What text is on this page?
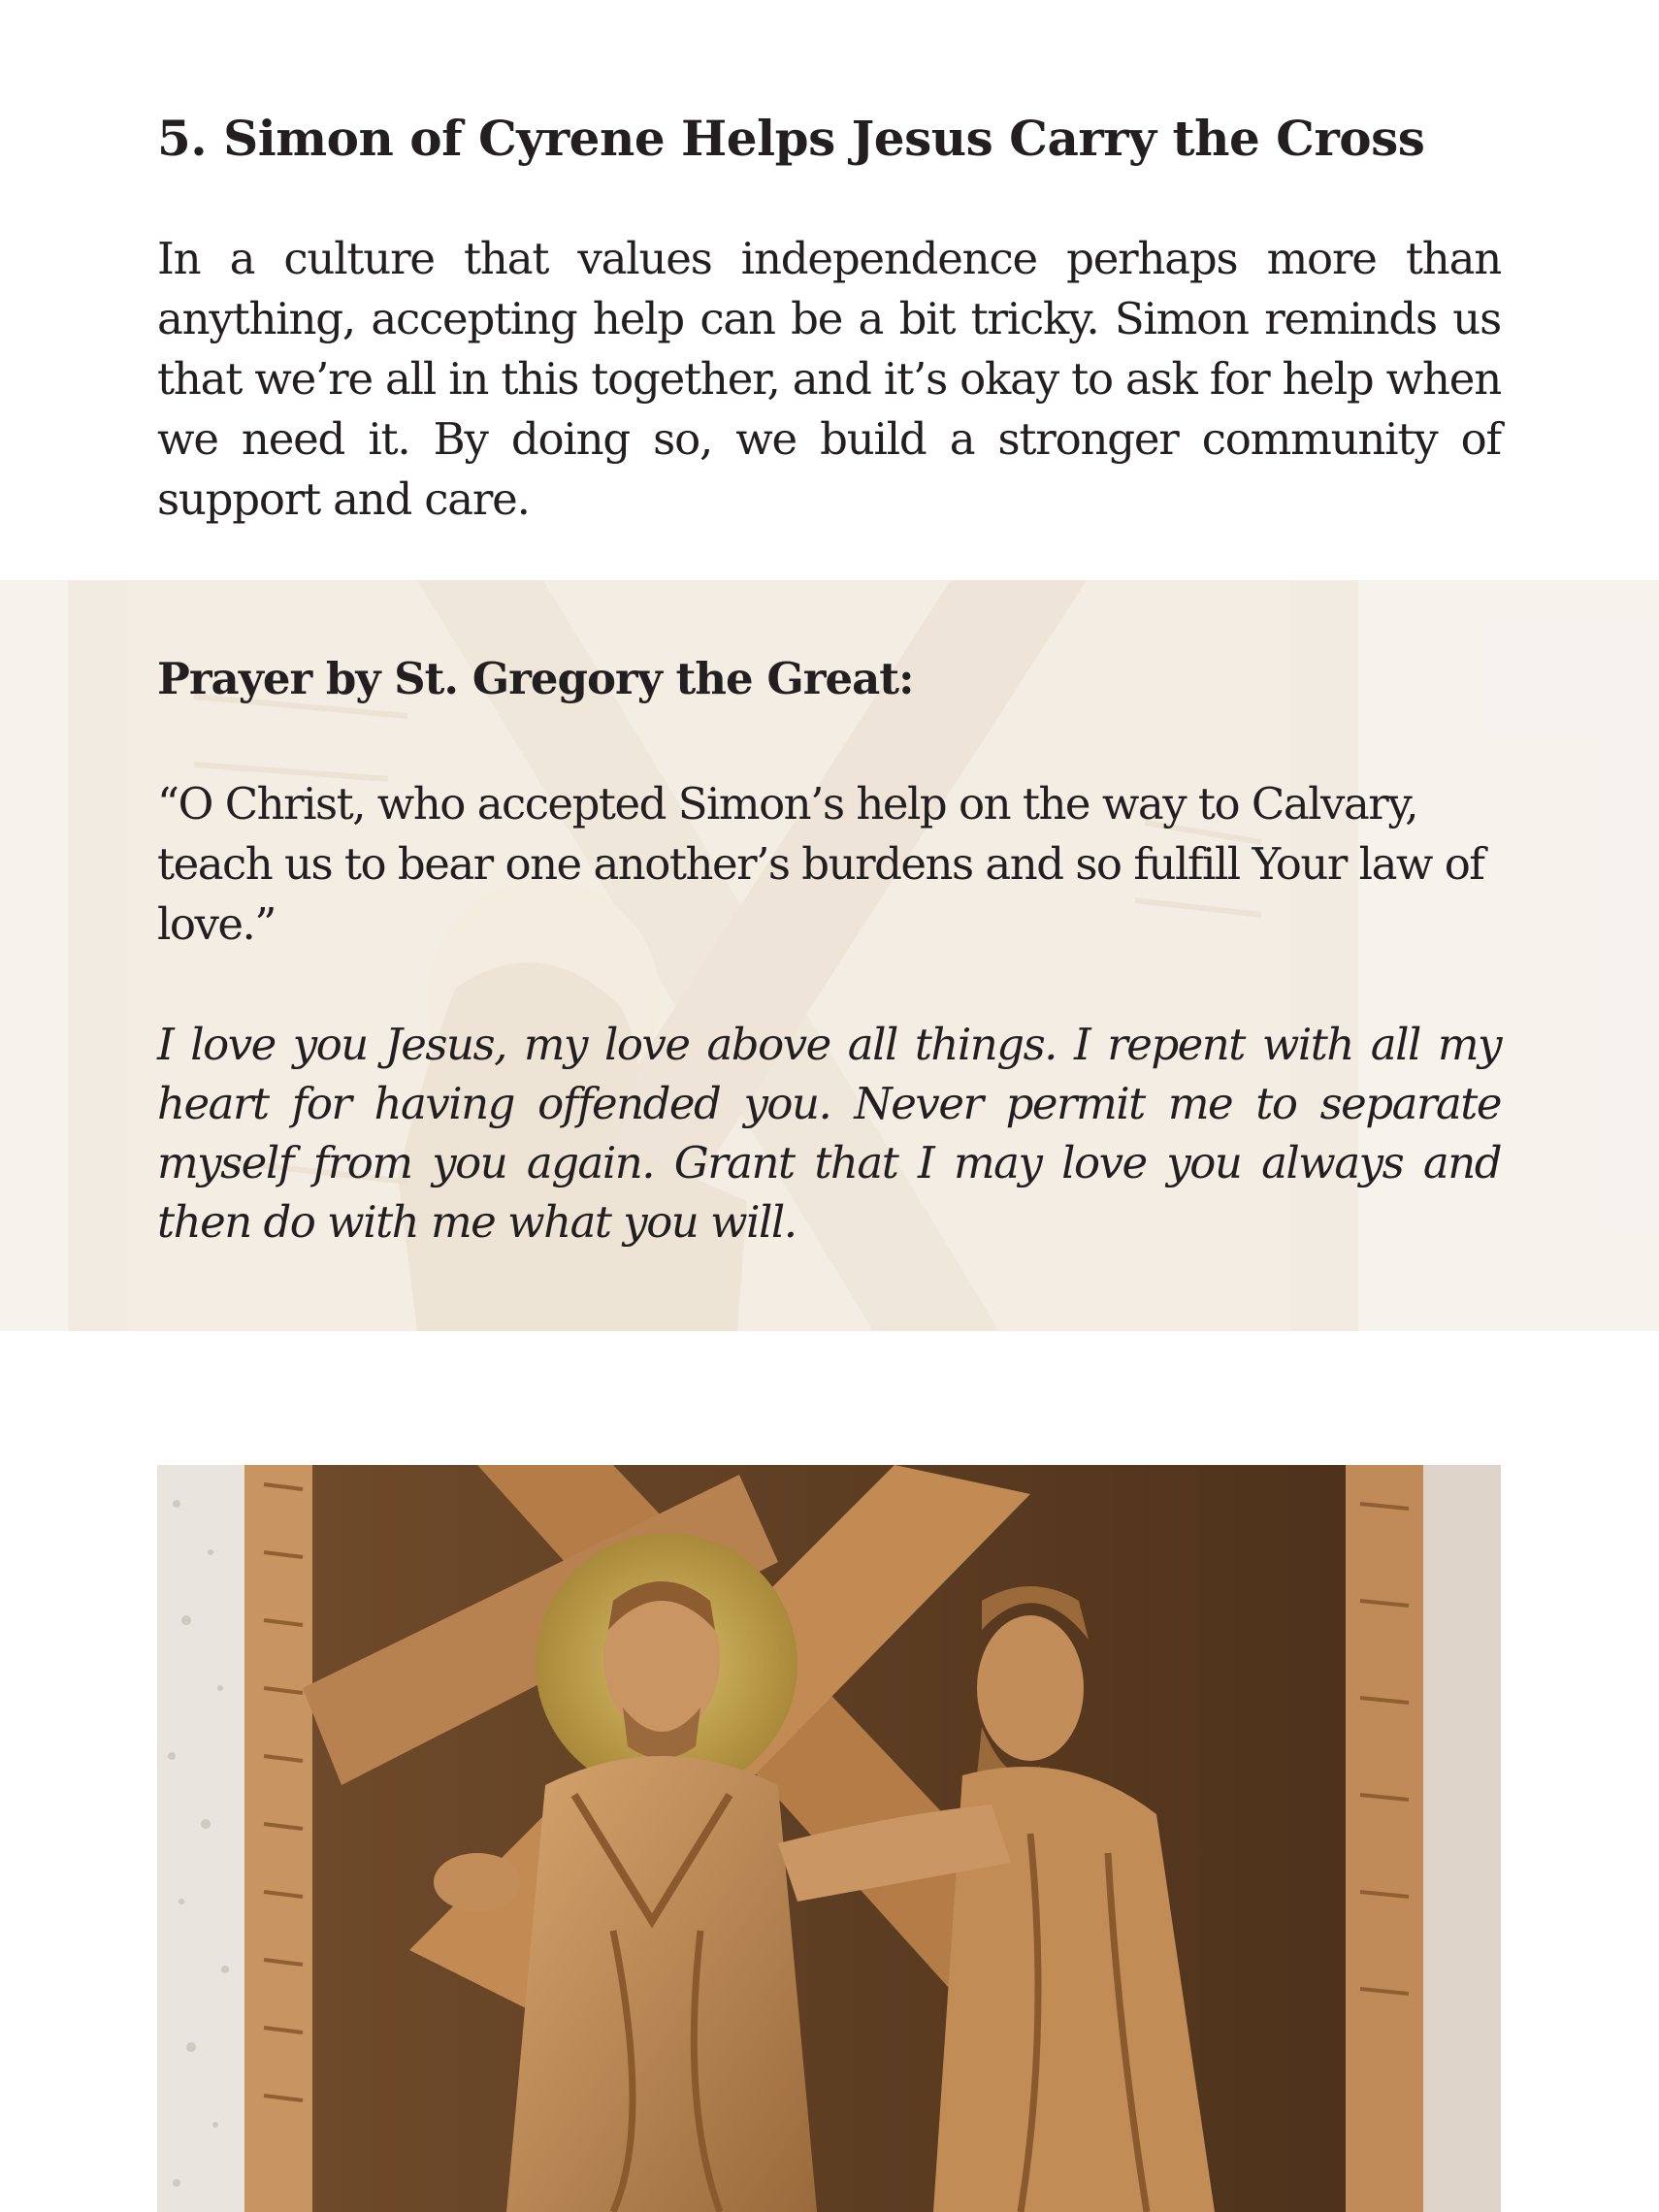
5. Simon of Cyrene Helps Jesus Carry the Cross

In a culture that values independence perhaps more than anything, accepting help can be a bit tricky. Simon reminds us that we’re all in this together, and it’s okay to ask for help when we need it. By doing so, we build a stronger community of support and care.

Prayer by St. Gregory the Great:

“O Christ, who accepted Simon’s help on the way to Calvary, teach us to bear one another’s burdens and so fulfill Your law of love.”

I love you Jesus, my love above all things. I repent with all my heart for having offended you. Never permit me to separate myself from you again. Grant that I may love you always and then do with me what you will.
